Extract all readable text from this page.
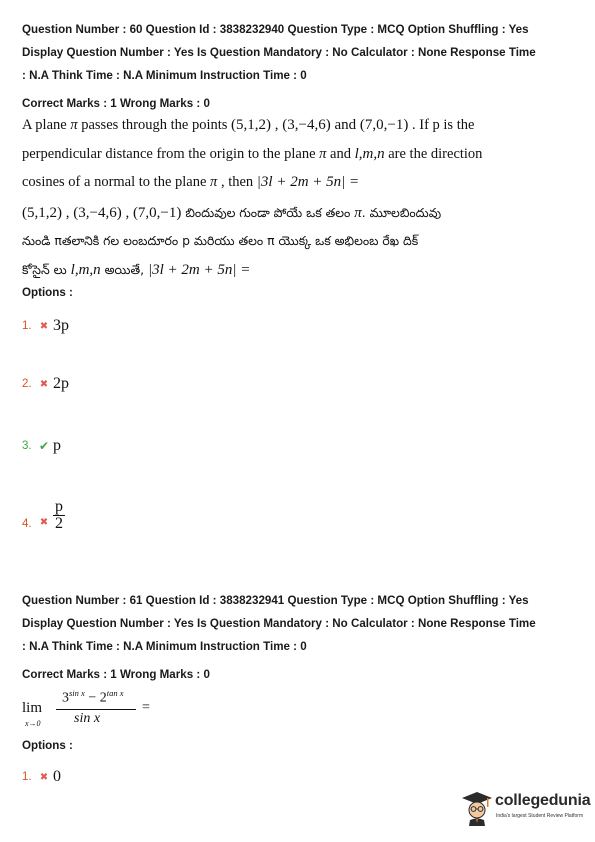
Question Number : 60 Question Id : 3838232940 Question Type : MCQ Option Shuffling : Yes
Display Question Number : Yes Is Question Mandatory : No Calculator : None Response Time
: N.A Think Time : N.A Minimum Instruction Time : 0
Correct Marks : 1 Wrong Marks : 0
A plane π passes through the points (5,1,2) , (3,−4,6) and (7,0,−1) . If p is the
perpendicular distance from the origin to the plane π and l,m,n are the direction
cosines of a normal to the plane π , then |3l + 2m + 5n| =
(5,1,2) , (3,−4,6) , (7,0,−1) బిందువుల గుండా పోయే ఒక తలం π. మూలబిందువు
నుండి πతలానికి గల లంబదూరం p మరియు తలం π యొక్క ఒక అభిలంబ రేఖ దిక్
కోసైన్ లు l,m,n అయితే, |3l + 2m + 5n| =
Options :
1. ✖ 3p
2. ✖ 2p
3. ✔ p
4. ✖ $\frac{p}{2}$
Question Number : 61 Question Id : 3838232941 Question Type : MCQ Option Shuffling : Yes
Display Question Number : Yes Is Question Mandatory : No Calculator : None Response Time
: N.A Think Time : N.A Minimum Instruction Time : 0
Correct Marks : 1 Wrong Marks : 0
lim
x→0
$3^{sin x} - 2^{tan x}$
sin x
=
Options :
1. ✖ 0
collegedunia
India's largest Student Review Platform
